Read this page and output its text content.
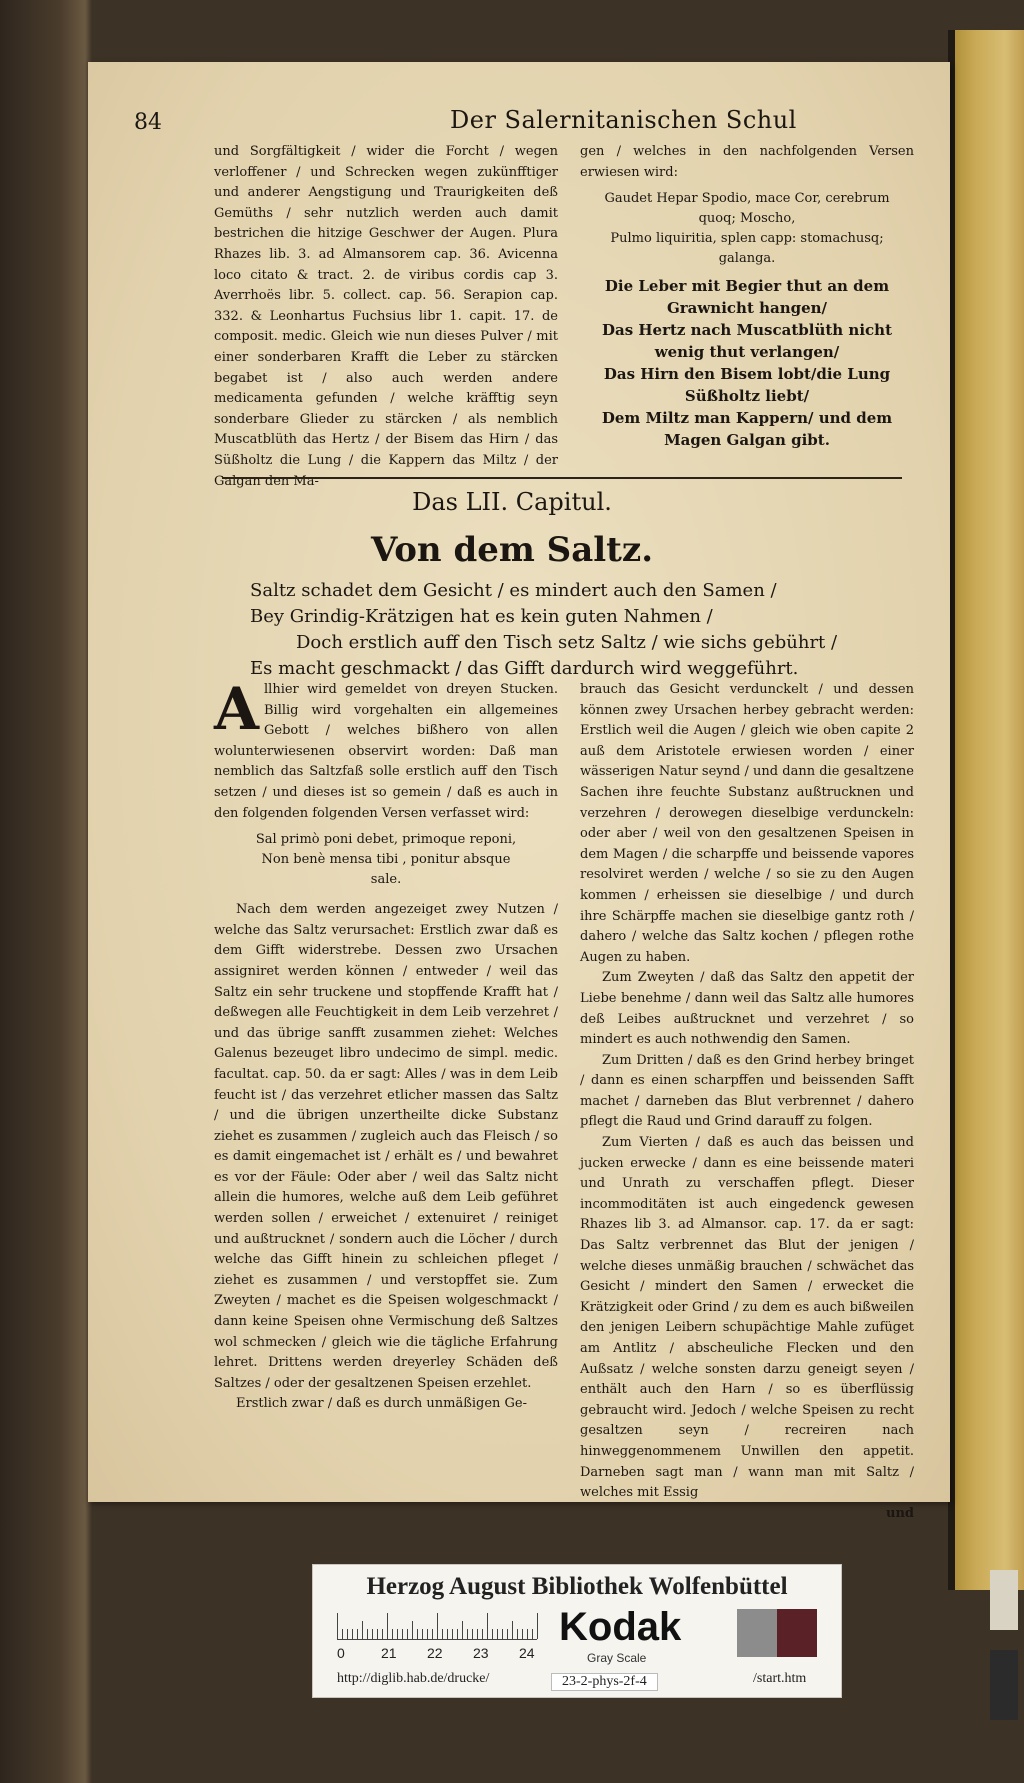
84	Der Salernitanischen Schul

und Sorgfältigkeit / wider die Forcht / wegen verloffener / und Schrecken wegen zukünfftiger und anderer Aengstigung und Traurigkeiten deß Gemüths / sehr nutzlich werden auch damit bestrichen die hitzige Geschwer der Augen. Plura Rhazes lib. 3. ad Almansorem cap. 36. Avicenna loco citato & tract. 2. de viribus cordis cap 3. Averrhoës libr. 5. collect. cap. 56. Serapion cap. 332. & Leonhartus Fuchsius libr 1. capit. 17. de composit. medic. Gleich wie nun dieses Pulver / mit einer sonderbaren Krafft die Leber zu stärcken begabet ist / also auch werden andere medicamenta gefunden / welche kräfftig seyn sonderbare Glieder zu stärcken / als nemblich Muscatblüth das Hertz / der Bisem das Hirn / das Süßholtz die Lung / die Kappern das Miltz / der Galgan den Ma-

gen / welches in den nachfolgenden Versen erwiesen wird:

Gaudet Hepar Spodio, mace Cor, cerebrum quoq; Moscho,
Pulmo liquiritia, splen capp: stomachusq; galanga.
Die Leber mit Begier thut an dem
Grawnicht hangen/
Das Hertz nach Muscatblüth nicht
wenig thut verlangen/
Das Hirn den Bisem lobt/die Lung
Süßholtz liebt/
Dem Miltz man Kappern/ und dem
Magen Galgan gibt.
Das LII. Capitul.
Von dem Saltz.
Saltz schadet dem Gesicht / es mindert auch den Samen /
Bey Grindig-Krätzigen hat es kein guten Nahmen /
Doch erstlich auff den Tisch setz Saltz / wie sichs gebührt /
Es macht geschmackt / das Gifft dardurch wird weggeführt.

A llhier wird gemeldet von dreyen Stucken. Billig wird vorgehalten ein allgemeines Gebott / welches bißhero von allen wolunterwiesenen observirt worden: Daß man nemblich das Saltzfaß solle erstlich auff den Tisch setzen / und dieses ist so gemein / daß es auch in den folgenden folgenden Versen verfasset wird:

Sal primò poni debet, primoque reponi,
Non benè mensa tibi , ponitur absque
sale.

Nach dem werden angezeiget zwey Nutzen / welche das Saltz verursachet: Erstlich zwar daß es dem Gifft widerstrebe. Dessen zwo Ursachen assigniret werden können / entweder / weil das Saltz ein sehr truckene und stopffende Krafft hat / deßwegen alle Feuchtigkeit in dem Leib verzehret / und das übrige sanfft zusammen ziehet: Welches Galenus bezeuget libro undecimo de simpl. medic. facultat. cap. 50. da er sagt: Alles / was in dem Leib feucht ist / das verzehret etlicher massen das Saltz / und die übrigen unzertheilte dicke Substanz ziehet es zusammen / zugleich auch das Fleisch / so es damit eingemachet ist / erhält es / und bewahret es vor der Fäule: Oder aber / weil das Saltz nicht allein die humores, welche auß dem Leib geführet werden sollen / erweichet / extenuiret / reiniget und außtrucknet / sondern auch die Löcher / durch welche das Gifft hinein zu schleichen pfleget / ziehet es zusammen / und verstopffet sie. Zum Zweyten / machet es die Speisen wolgeschmackt / dann keine Speisen ohne Vermischung deß Saltzes wol schmecken / gleich wie die tägliche Erfahrung lehret. Drittens werden dreyerley Schäden deß Saltzes / oder der gesaltzenen Speisen erzehlet.

Erstlich zwar / daß es durch unmäßigen Ge-

brauch das Gesicht verdunckelt / und dessen können zwey Ursachen herbey gebracht werden: Erstlich weil die Augen / gleich wie oben capite 2 auß dem Aristotele erwiesen worden / einer wässerigen Natur seynd / und dann die gesaltzene Sachen ihre feuchte Substanz außtrucknen und verzehren / derowegen dieselbige verdunckeln: oder aber / weil von den gesaltzenen Speisen in dem Magen / die scharpffe und beissende vapores resolviret werden / welche / so sie zu den Augen kommen / erheissen sie dieselbige / und durch ihre Schärpffe machen sie dieselbige gantz roth / dahero / welche das Saltz kochen / pflegen rothe Augen zu haben.

Zum Zweyten / daß das Saltz den appetit der Liebe benehme / dann weil das Saltz alle humores deß Leibes außtrucknet und verzehret / so mindert es auch nothwendig den Samen.

Zum Dritten / daß es den Grind herbey bringet / dann es einen scharpffen und beissenden Safft machet / darneben das Blut verbrennet / dahero pflegt die Raud und Grind darauff zu folgen.

Zum Vierten / daß es auch das beissen und jucken erwecke / dann es eine beissende materi und Unrath zu verschaffen pflegt. Dieser incommoditäten ist auch eingedenck gewesen Rhazes lib 3. ad Almansor. cap. 17. da er sagt: Das Saltz verbrennet das Blut der jenigen / welche dieses unmäßig brauchen / schwächet das Gesicht / mindert den Samen / erwecket die Krätzigkeit oder Grind / zu dem es auch bißweilen den jenigen Leibern schupächtige Mahle zufüget am Antlitz / abscheuliche Flecken und den Außsatz / welche sonsten darzu geneigt seyen / enthält auch den Harn / so es überflüssig gebraucht wird. Jedoch / welche Speisen zu recht gesaltzen seyn / recreiren nach hinweggenommenem Unwillen den appetit. Darneben sagt man / wann man mit Saltz / welches mit Essig

und
Herzog August Bibliothek Wolfenbüttel
0	21 22 23 24
Kodak
Gray Scale
http://diglib.hab.de/drucke/	23-2-phys-2f-4	/start.htm
